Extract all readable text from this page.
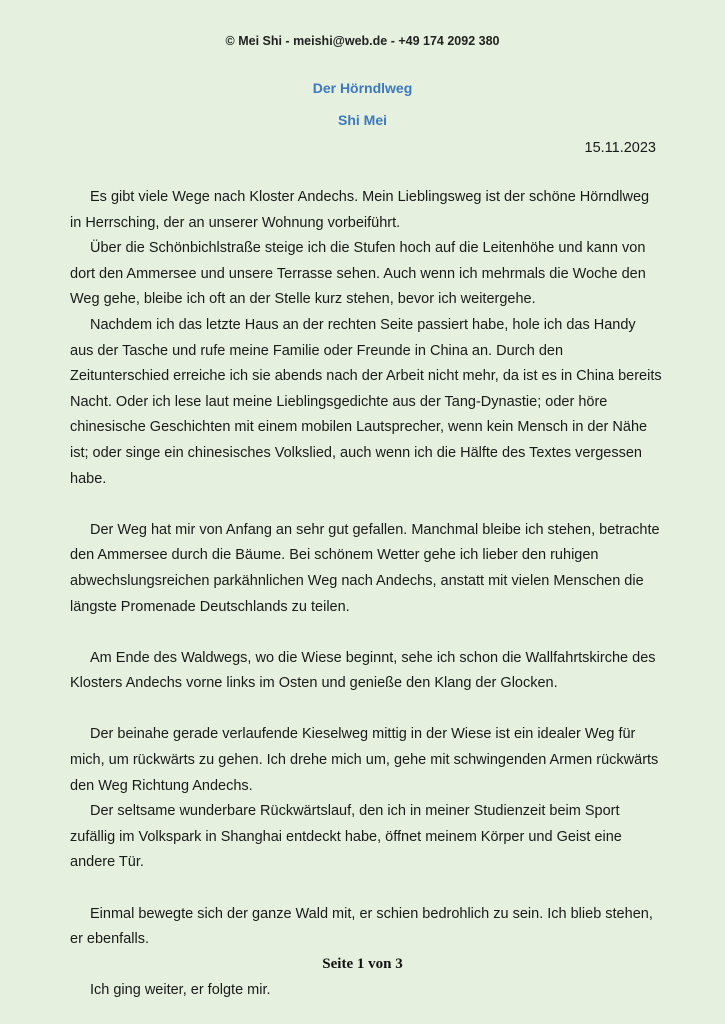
© Mei Shi - meishi@web.de - +49 174 2092 380
Der Hörndlweg
Shi Mei
15.11.2023

Es gibt viele Wege nach Kloster Andechs. Mein Lieblingsweg ist der schöne Hörndlweg in Herrsching, der an unserer Wohnung vorbeiführt.

Über die Schönbichlstraße steige ich die Stufen hoch auf die Leitenhöhe und kann von dort den Ammersee und unsere Terrasse sehen. Auch wenn ich mehrmals die Woche den Weg gehe, bleibe ich oft an der Stelle kurz stehen, bevor ich weitergehe.

Nachdem ich das letzte Haus an der rechten Seite passiert habe, hole ich das Handy aus der Tasche und rufe meine Familie oder Freunde in China an. Durch den Zeitunterschied erreiche ich sie abends nach der Arbeit nicht mehr, da ist es in China bereits Nacht. Oder ich lese laut meine Lieblingsgedichte aus der Tang-Dynastie; oder höre chinesische Geschichten mit einem mobilen Lautsprecher, wenn kein Mensch in der Nähe ist; oder singe ein chinesisches Volkslied, auch wenn ich die Hälfte des Textes vergessen habe.

Der Weg hat mir von Anfang an sehr gut gefallen. Manchmal bleibe ich stehen, betrachte den Ammersee durch die Bäume. Bei schönem Wetter gehe ich lieber den ruhigen abwechslungsreichen parkähnlichen Weg nach Andechs, anstatt mit vielen Menschen die längste Promenade Deutschlands zu teilen.

Am Ende des Waldwegs, wo die Wiese beginnt, sehe ich schon die Wallfahrtskirche des Klosters Andechs vorne links im Osten und genieße den Klang der Glocken.

Der beinahe gerade verlaufende Kieselweg mittig in der Wiese ist ein idealer Weg für mich, um rückwärts zu gehen. Ich drehe mich um, gehe mit schwingenden Armen rückwärts den Weg Richtung Andechs.

Der seltsame wunderbare Rückwärtslauf, den ich in meiner Studienzeit beim Sport zufällig im Volkspark in Shanghai entdeckt habe, öffnet meinem Körper und Geist eine andere Tür.

Einmal bewegte sich der ganze Wald mit, er schien bedrohlich zu sein. Ich blieb stehen, er ebenfalls.

Ich ging weiter, er folgte mir.

Seite 1 von 3
